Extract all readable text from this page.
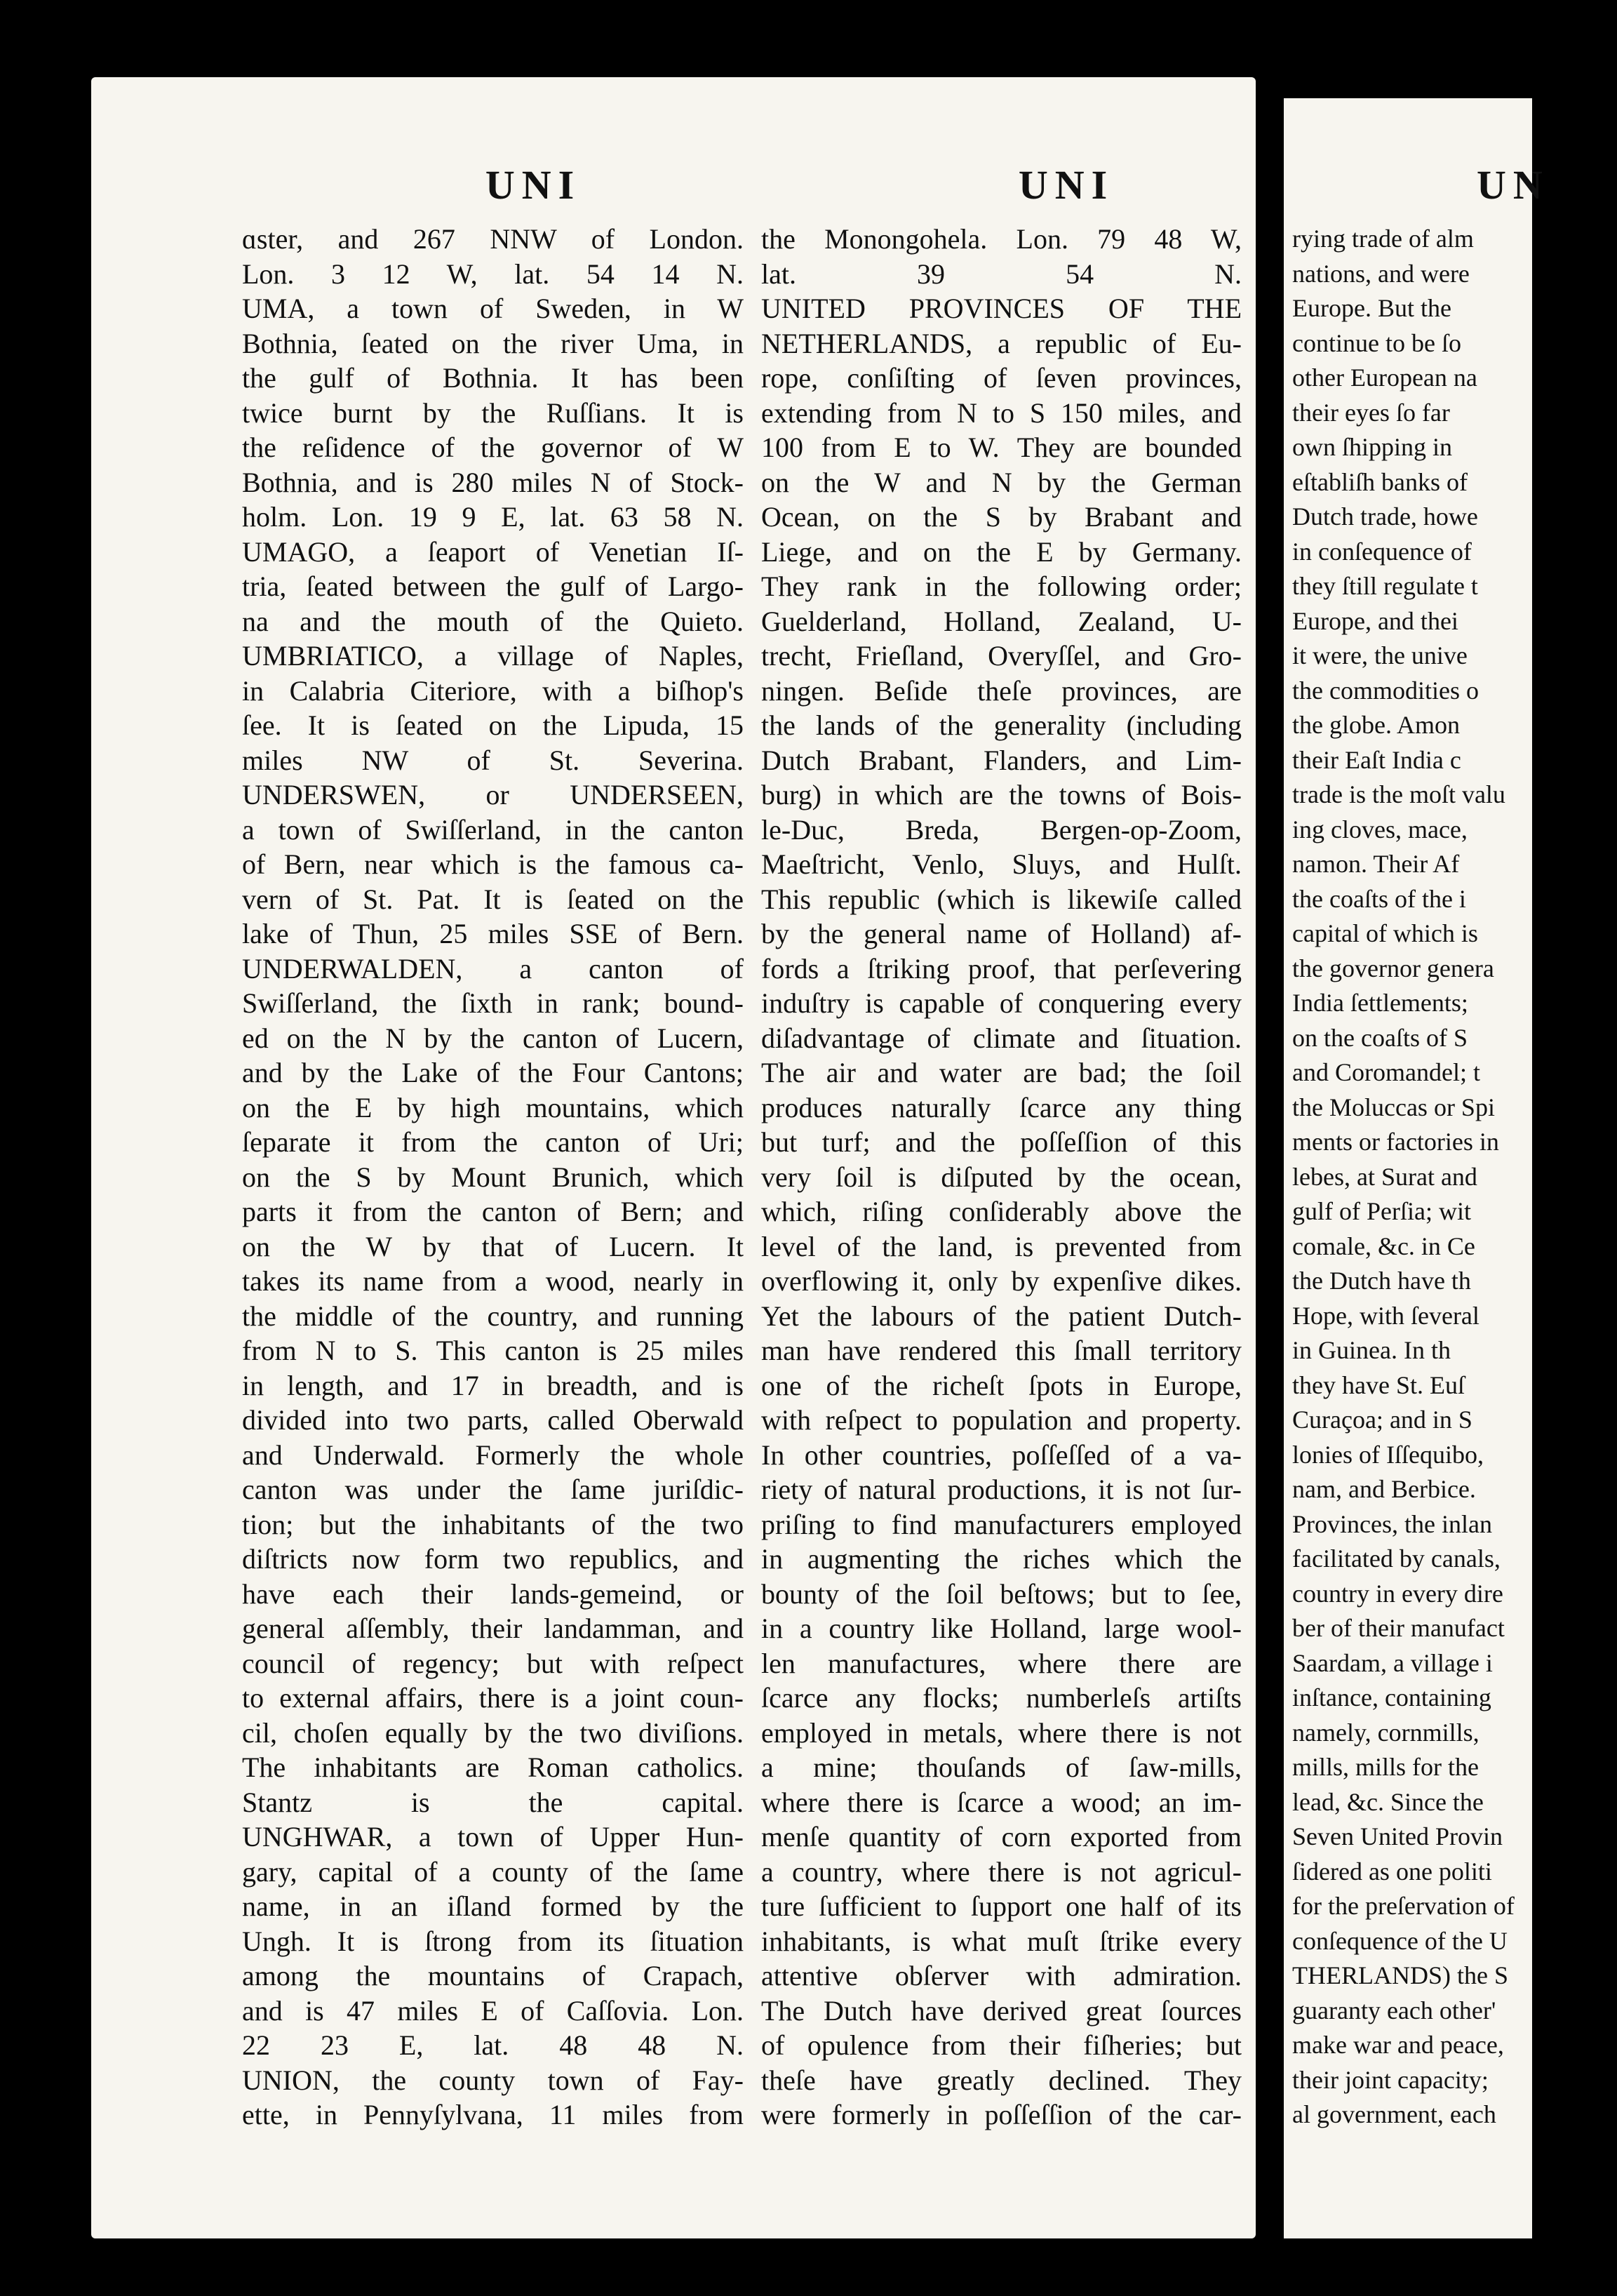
UNI	UNI	UN
ɑster, and 267 NNW of London.
Lon. 3 12 W, lat. 54 14 N.
UMA, a town of Sweden, in W
Bothnia, ſeated on the river Uma, in
the gulf of Bothnia. It has been
twice burnt by the Ruſſians. It is
the reſidence of the governor of W
Bothnia, and is 280 miles N of Stock-
holm. Lon. 19 9 E, lat. 63 58 N.
UMAGO, a ſeaport of Venetian Iſ-
tria, ſeated between the gulf of Largo-
na and the mouth of the Quieto.
UMBRIATICO, a village of Naples,
in Calabria Citeriore, with a biſhop's
ſee. It is ſeated on the Lipuda, 15
miles NW of St. Severina.
UNDERSWEN, or UNDERSEEN,
a town of Swiſſerland, in the canton
of Bern, near which is the famous ca-
vern of St. Pat. It is ſeated on the
lake of Thun, 25 miles SSE of Bern.
UNDERWALDEN, a canton of
Swiſſerland, the ſixth in rank; bound-
ed on the N by the canton of Lucern,
and by the Lake of the Four Cantons;
on the E by high mountains, which
ſeparate it from the canton of Uri;
on the S by Mount Brunich, which
parts it from the canton of Bern; and
on the W by that of Lucern. It
takes its name from a wood, nearly in
the middle of the country, and running
from N to S. This canton is 25 miles
in length, and 17 in breadth, and is
divided into two parts, called Oberwald
and Underwald. Formerly the whole
canton was under the ſame juriſdic-
tion; but the inhabitants of the two
diſtricts now form two republics, and
have each their lands-gemeind, or
general aſſembly, their landamman, and
council of regency; but with reſpect
to external affairs, there is a joint coun-
cil, choſen equally by the two diviſions.
The inhabitants are Roman catholics.
Stantz is the capital.
UNGHWAR, a town of Upper Hun-
gary, capital of a county of the ſame
name, in an iſland formed by the
Ungh. It is ſtrong from its ſituation
among the mountains of Crapach,
and is 47 miles E of Caſſovia. Lon.
22 23 E, lat. 48 48 N.
UNION, the county town of Fay-
ette, in Pennyſylvana, 11 miles from
the Monongohela. Lon. 79 48 W,
lat. 39 54 N.
UNITED PROVINCES OF THE
NETHERLANDS, a republic of Eu-
rope, conſiſting of ſeven provinces,
extending from N to S 150 miles, and
100 from E to W. They are bounded
on the W and N by the German
Ocean, on the S by Brabant and
Liege, and on the E by Germany.
They rank in the following order;
Guelderland, Holland, Zealand, U-
trecht, Frieſland, Overyſſel, and Gro-
ningen. Beſide theſe provinces, are
the lands of the generality (including
Dutch Brabant, Flanders, and Lim-
burg) in which are the towns of Bois-
le-Duc, Breda, Bergen-op-Zoom,
Maeſtricht, Venlo, Sluys, and Hulſt.
This republic (which is likewiſe called
by the general name of Holland) af-
fords a ſtriking proof, that perſevering
induſtry is capable of conquering every
diſadvantage of climate and ſituation.
The air and water are bad; the ſoil
produces naturally ſcarce any thing
but turf; and the poſſeſſion of this
very ſoil is diſputed by the ocean,
which, riſing conſiderably above the
level of the land, is prevented from
overflowing it, only by expenſive dikes.
Yet the labours of the patient Dutch-
man have rendered this ſmall territory
one of the richeſt ſpots in Europe,
with reſpect to population and property.
In other countries, poſſeſſed of a va-
riety of natural productions, it is not ſur-
priſing to find manufacturers employed
in augmenting the riches which the
bounty of the ſoil beſtows; but to ſee,
in a country like Holland, large wool-
len manufactures, where there are
ſcarce any flocks; numberleſs artiſts
employed in metals, where there is not
a mine; thouſands of ſaw-mills,
where there is ſcarce a wood; an im-
menſe quantity of corn exported from
a country, where there is not agricul-
ture ſufficient to ſupport one half of its
inhabitants, is what muſt ſtrike every
attentive obſerver with admiration.
The Dutch have derived great ſources
of opulence from their fiſheries; but
theſe have greatly declined. They
were formerly in poſſeſſion of the car-
rying trade of alm
nations, and were
Europe. But the
continue to be ſo
other European na
their eyes ſo far
own ſhipping in
eſtabliſh banks of
Dutch trade, howe
in conſequence of
they ſtill regulate t
Europe, and thei
it were, the unive
the commodities o
the globe. Amon
their Eaſt India c
trade is the moſt valu
ing cloves, mace,
namon. Their Af
the coaſts of the i
capital of which is
the governor genera
India ſettlements;
on the coaſts of S
and Coromandel; t
the Moluccas or Spi
ments or factories in
lebes, at Surat and
gulf of Perſia; wit
comale, &c. in Ce
the Dutch have th
Hope, with ſeveral
in Guinea. In th
they have St. Euſ
Curaçoa; and in S
lonies of Iſſequibo,
nam, and Berbice.
Provinces, the inlan
facilitated by canals,
country in every dire
ber of their manufact
Saardam, a village i
inſtance, containing
namely, cornmills,
mills, mills for the
lead, &c. Since the
Seven United Provin
ſidered as one politi
for the preſervation of
conſequence of the U
THERLANDS) the S
guaranty each other'
make war and peace,
their joint capacity;
al government, each
